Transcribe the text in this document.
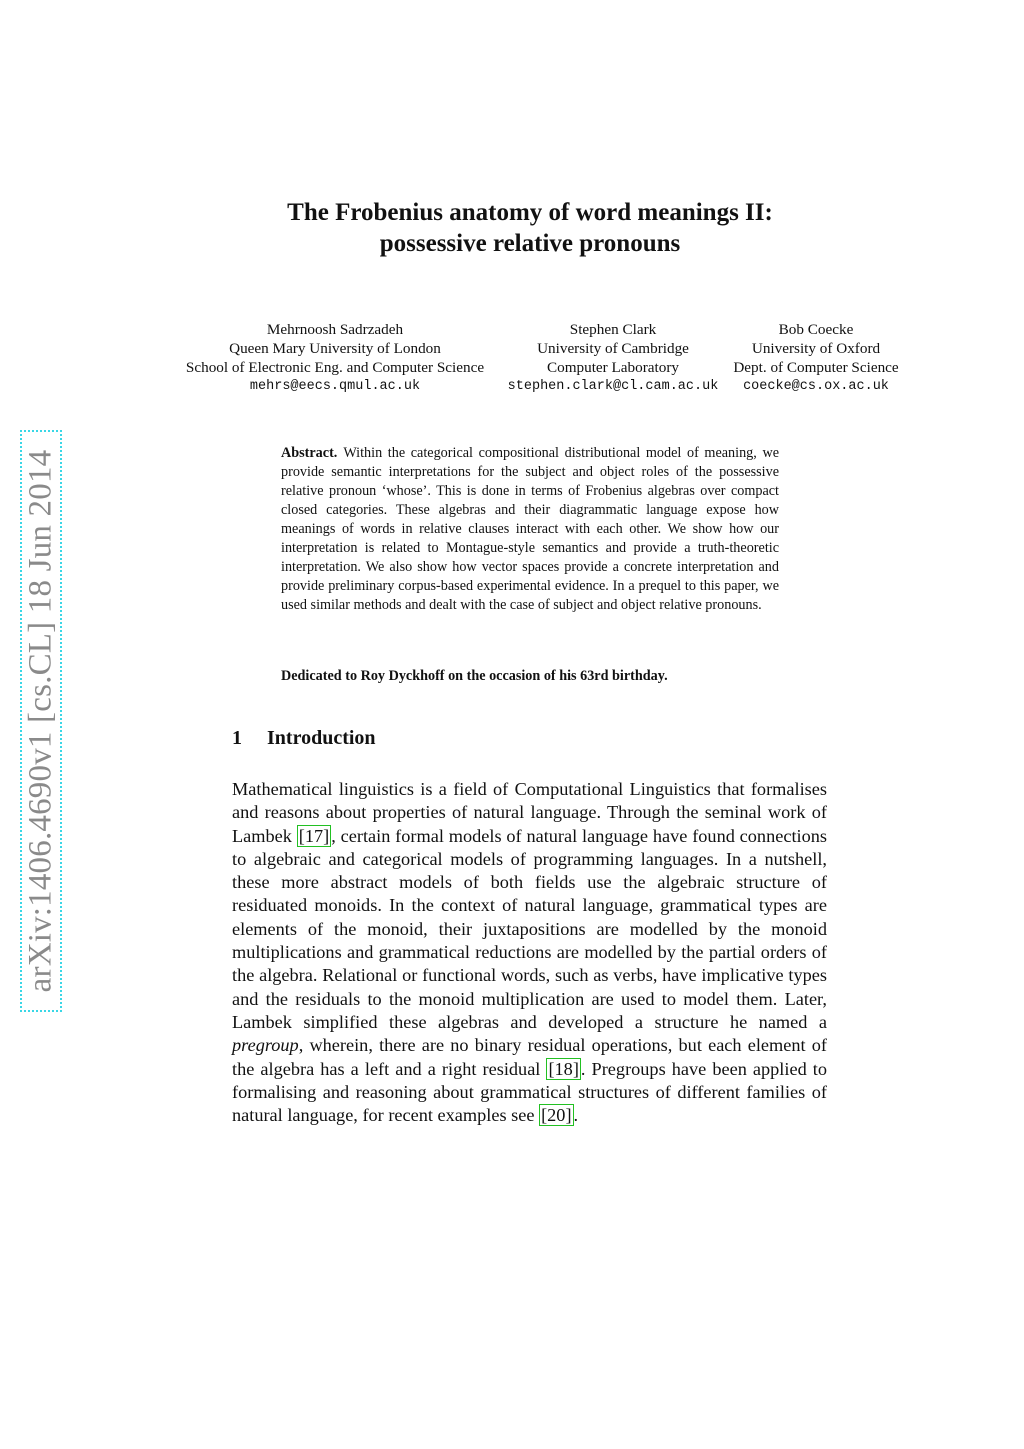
The Frobenius anatomy of word meanings II:
possessive relative pronouns
Mehrnoosh Sadrzadeh
Queen Mary University of London
School of Electronic Eng. and Computer Science
mehrs@eecs.qmul.ac.uk
Stephen Clark
University of Cambridge
Computer Laboratory
stephen.clark@cl.cam.ac.uk
Bob Coecke
University of Oxford
Dept. of Computer Science
coecke@cs.ox.ac.uk
arXiv:1406.4690v1 [cs.CL] 18 Jun 2014	Abstract. Within the categorical compositional distributional model of meaning, we provide semantic interpretations for the subject and object roles of the possessive relative pronoun ‘whose’. This is done in terms of Frobenius algebras over compact closed categories. These algebras and their diagrammatic language expose how meanings of words in relative clauses interact with each other. We show how our interpretation is related to Montague-style semantics and provide a truth-theoretic interpretation. We also show how vector spaces provide a concrete interpretation and provide preliminary corpus-based experimental evidence. In a prequel to this paper, we used similar methods and dealt with the case of subject and object relative pronouns.
Dedicated to Roy Dyckhoff on the occasion of his 63rd birthday.
1 Introduction
Mathematical linguistics is a field of Computational Linguistics that formalises and reasons about properties of natural language. Through the seminal work of Lambek [17] , certain formal models of natural language have found connections to algebraic and categorical models of programming languages. In a nutshell, these more abstract models of both fields use the algebraic structure of residuated monoids. In the context of natural language, grammatical types are elements of the monoid, their juxtapositions are modelled by the monoid multiplications and grammatical reductions are modelled by the partial orders of the algebra. Relational or functional words, such as verbs, have implicative types and the residuals to the monoid multiplication are used to model them. Later, Lambek simplified these algebras and developed a structure he named a pregroup, wherein, there are no binary residual operations, but each element of the algebra has a left and a right residual [18] . Pregroups have been applied to formalising and reasoning about grammatical structures of different families of natural language, for recent examples see [20] .
